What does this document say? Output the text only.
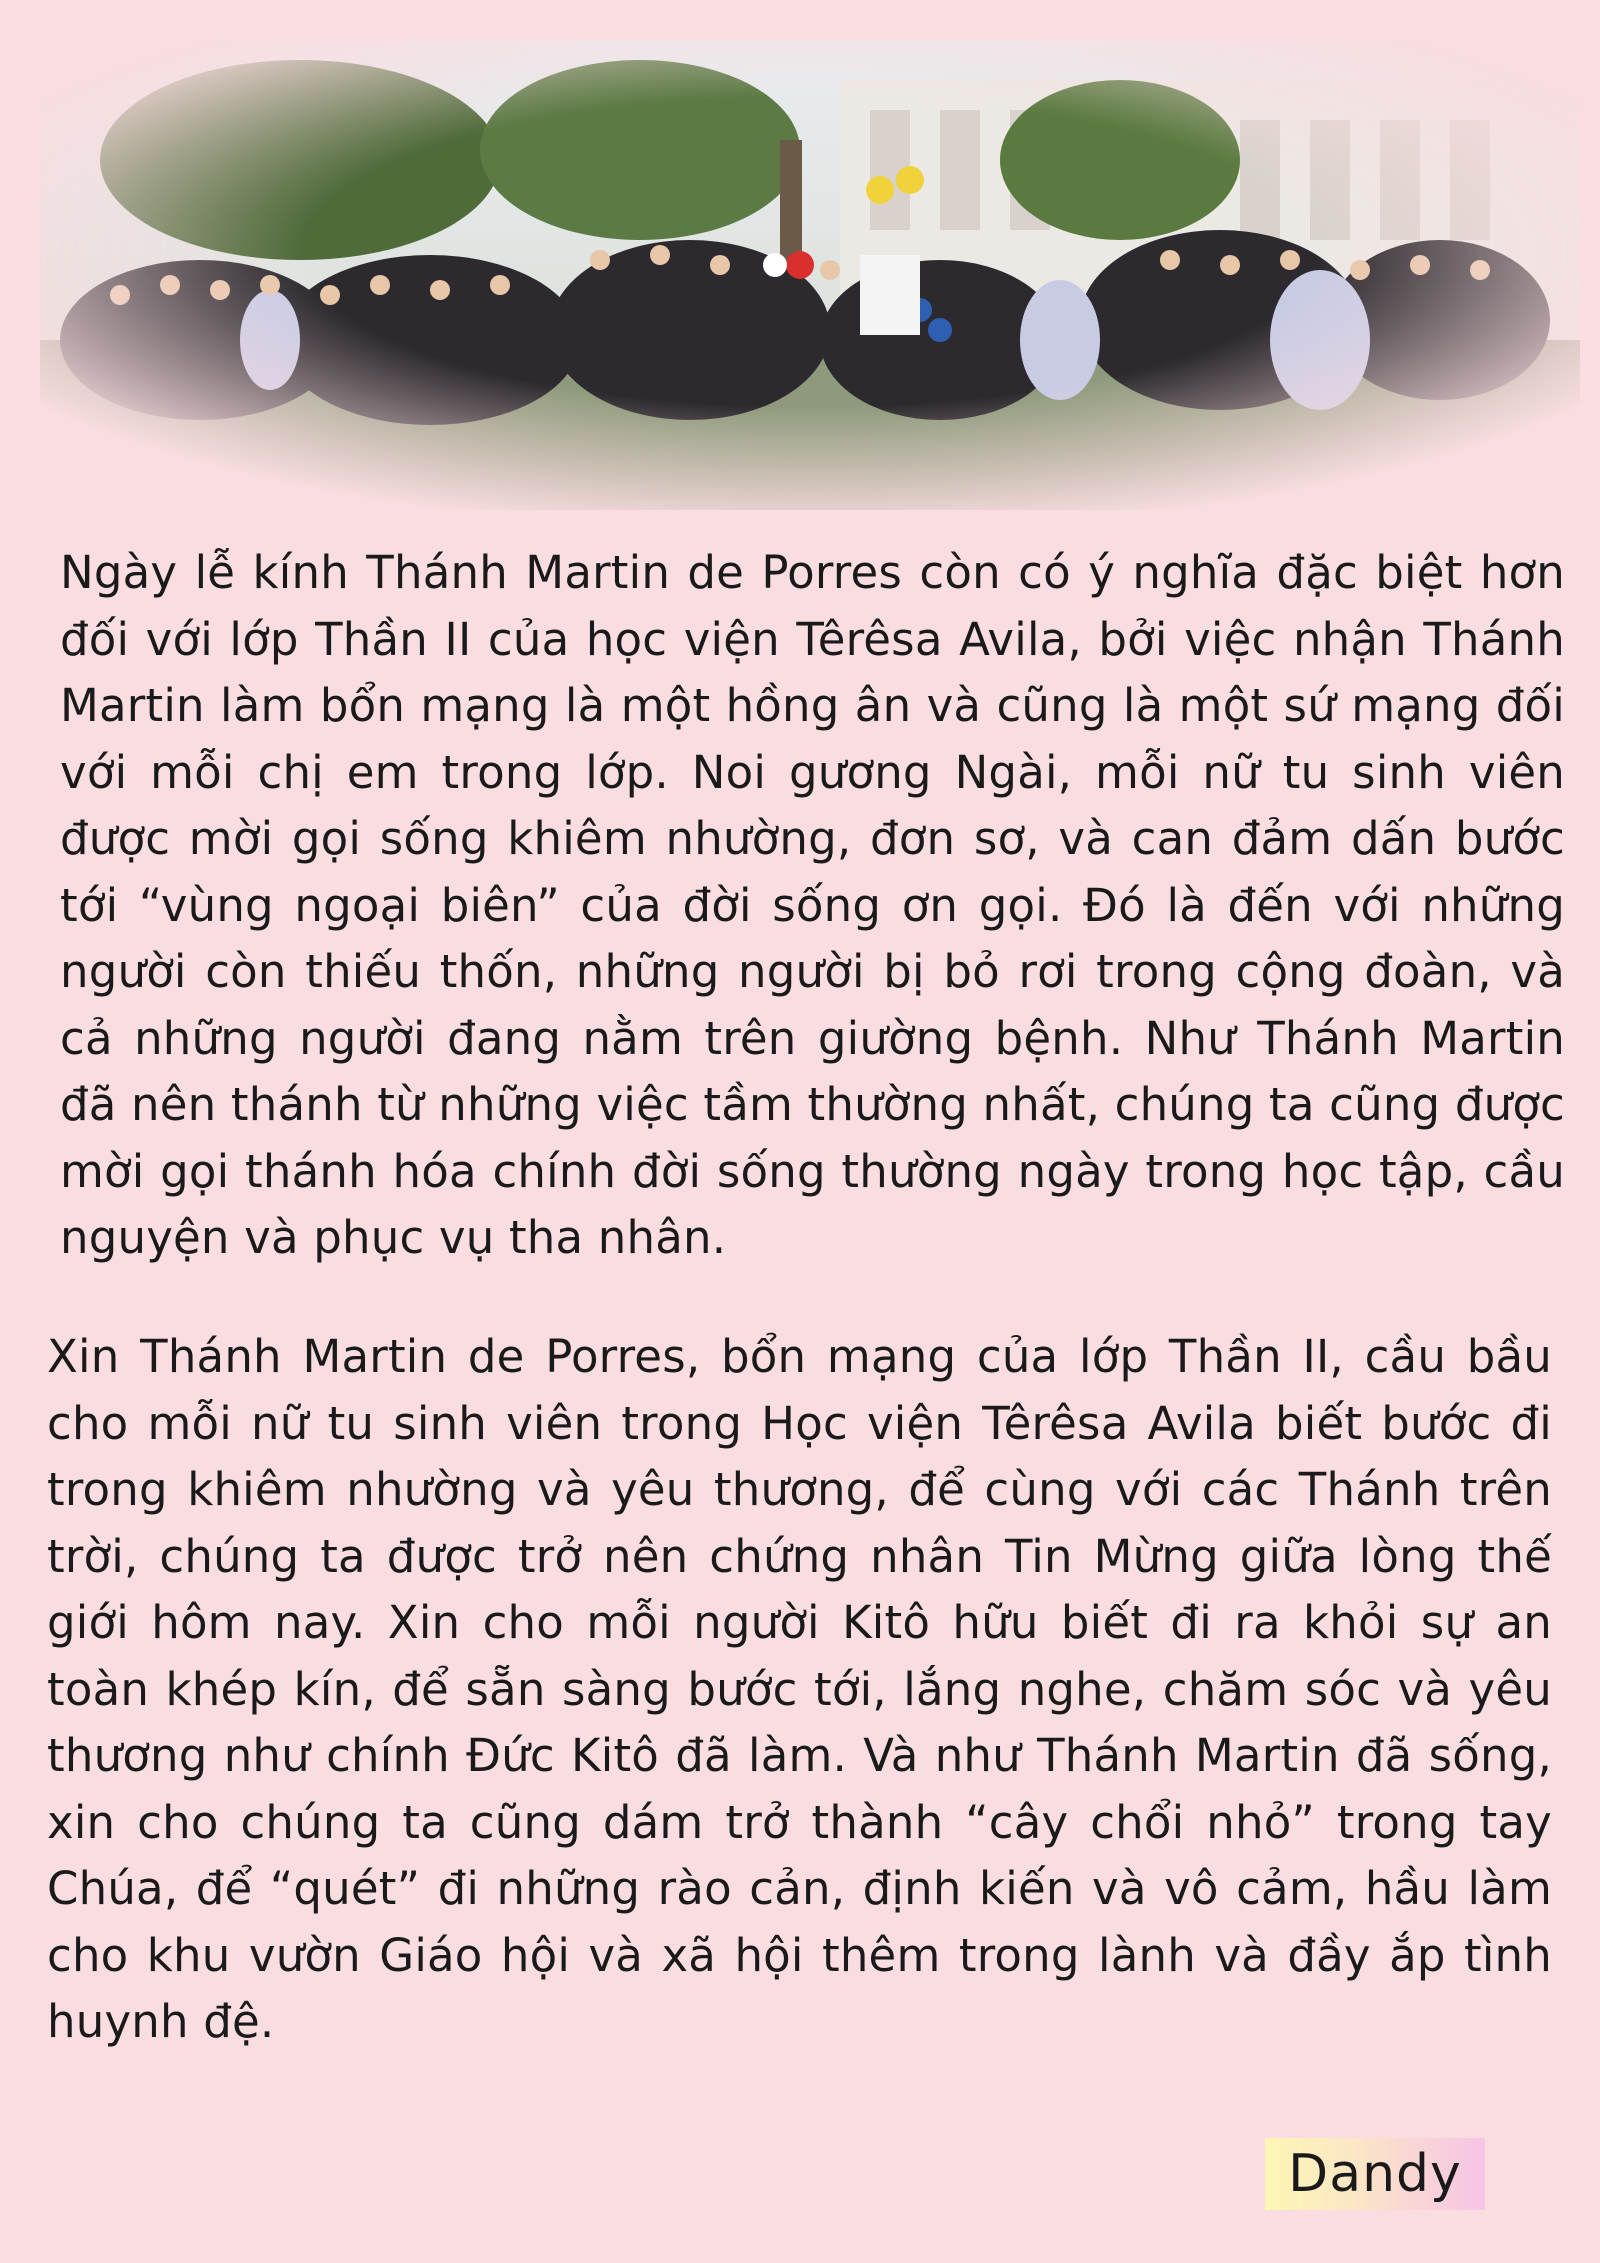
Ngày lễ kính Thánh Martin de Porres còn có ý nghĩa đặc biệt hơn đối với lớp Thần II của học viện Têrêsa Avila, bởi việc nhận Thánh Martin làm bổn mạng là một hồng ân và cũng là một sứ mạng đối với mỗi chị em trong lớp. Noi gương Ngài, mỗi nữ tu sinh viên được mời gọi sống khiêm nhường, đơn sơ, và can đảm dấn bước tới “vùng ngoại biên” của đời sống ơn gọi. Đó là đến với những người còn thiếu thốn, những người bị bỏ rơi trong cộng đoàn, và cả những người đang nằm trên giường bệnh. Như Thánh Martin đã nên thánh từ những việc tầm thường nhất, chúng ta cũng được mời gọi thánh hóa chính đời sống thường ngày trong học tập, cầu nguyện và phục vụ tha nhân.

Xin Thánh Martin de Porres, bổn mạng của lớp Thần II, cầu bầu cho mỗi nữ tu sinh viên trong Học viện Têrêsa Avila biết bước đi trong khiêm nhường và yêu thương, để cùng với các Thánh trên trời, chúng ta được trở nên chứng nhân Tin Mừng giữa lòng thế giới hôm nay. Xin cho mỗi người Kitô hữu biết đi ra khỏi sự an toàn khép kín, để sẵn sàng bước tới, lắng nghe, chăm sóc và yêu thương như chính Đức Kitô đã làm. Và như Thánh Martin đã sống, xin cho chúng ta cũng dám trở thành “cây chổi nhỏ” trong tay Chúa, để “quét” đi những rào cản, định kiến và vô cảm, hầu làm cho khu vườn Giáo hội và xã hội thêm trong lành và đầy ắp tình huynh đệ.

Dandy
